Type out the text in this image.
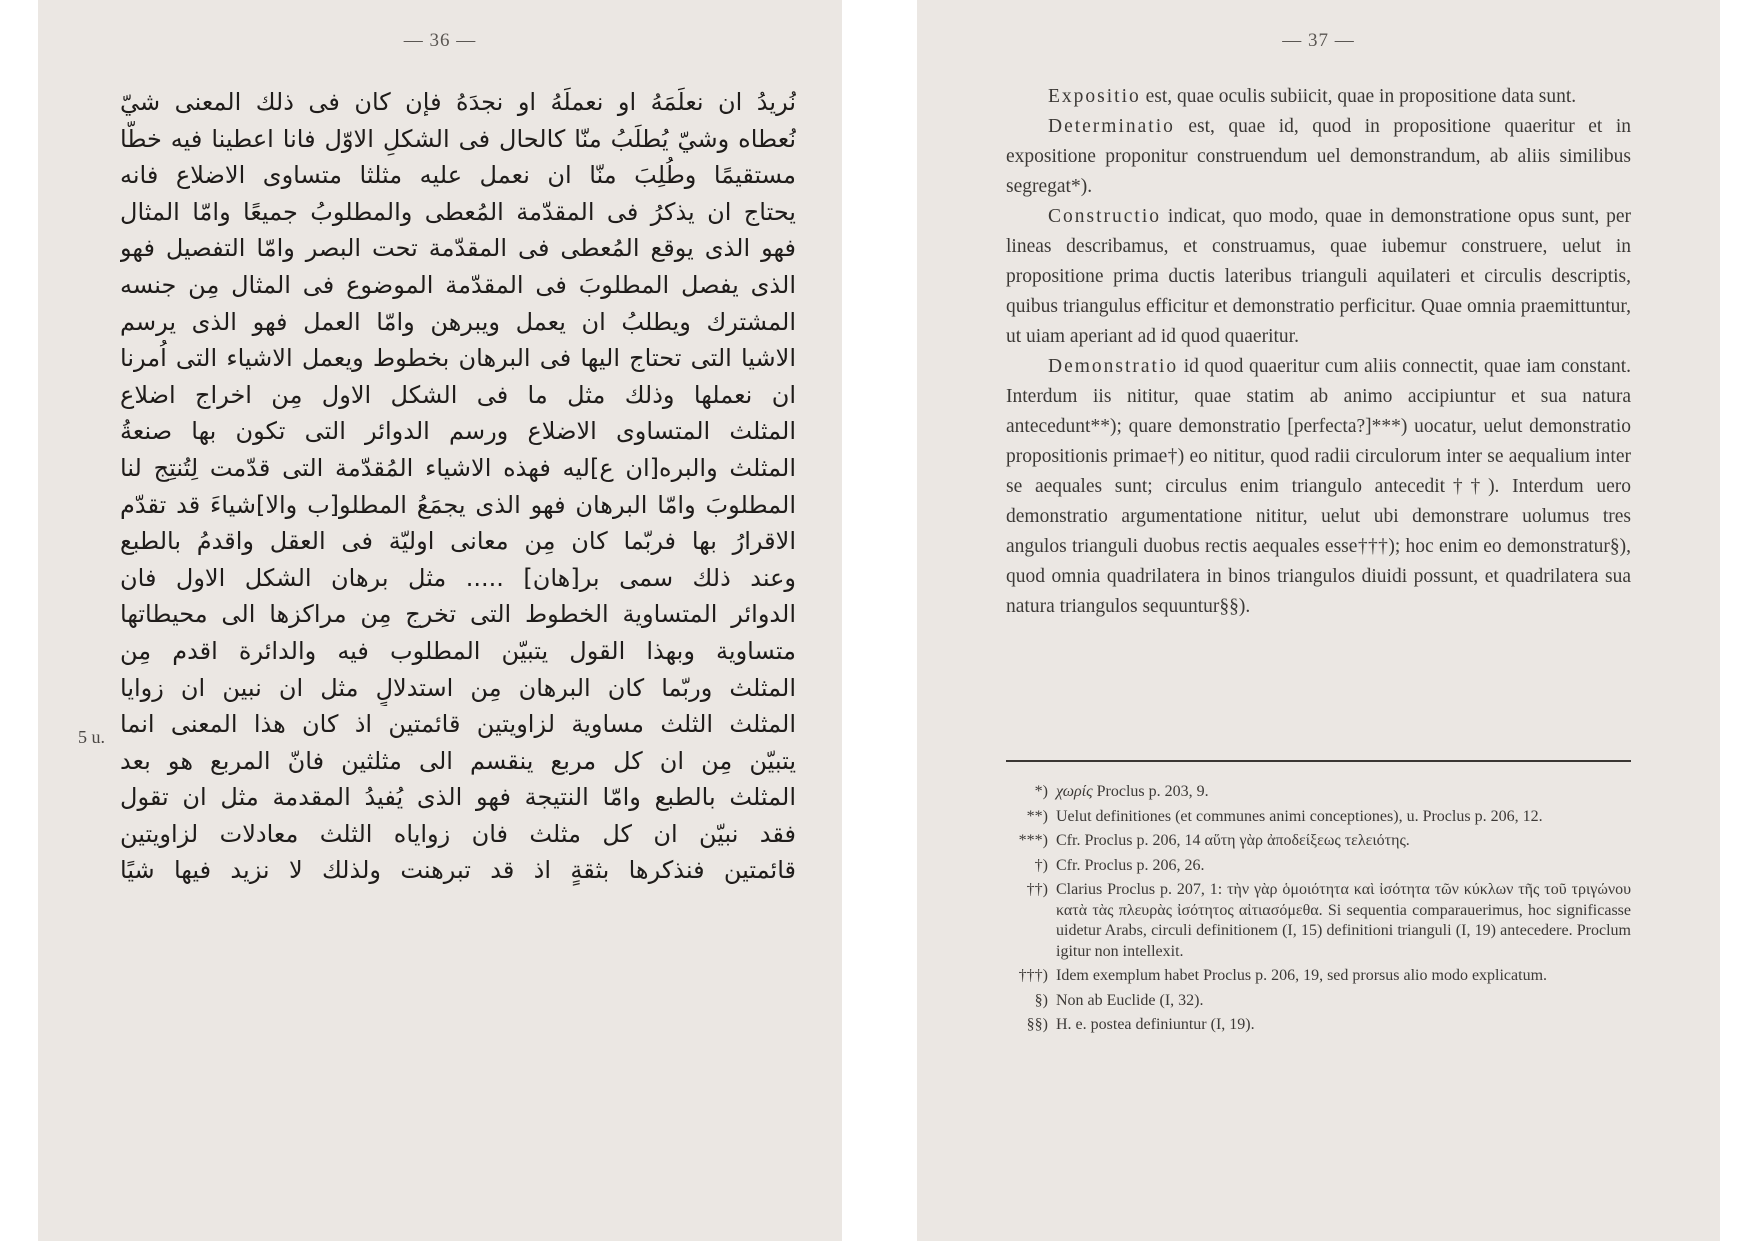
— 36 —
5 u.
نُريدُ ان نعلَمَهُ او نعملَهُ او نجدَهُ فإن كان فى ذلك المعنى شيّ
نُعطاه وشيّ يُطلَبُ منّا كالحال فى الشكلِ الاوّل فانا اعطينا فيه خطًّا
مستقيمًا وطُلِبَ منّا ان نعمل عليه مثلثا متساوى الاضلاع فانه
يحتاج ان يذكرُ فى المقدّمة المُعطى والمطلوبُ جميعًا وامّا المثال
فهو الذى يوقع المُعطى فى المقدّمة تحت البصر وامّا التفصيل فهو
الذى يفصل المطلوبَ فى المقدّمة الموضوع فى المثال مِن جنسه
المشترك ويطلبُ ان يعمل ويبرهن وامّا العمل فهو الذى يرسم
الاشيا التى تحتاج اليها فى البرهان بخطوط ويعمل الاشياء التى اُمرنا
ان نعملها وذلك مثل ما فى الشكل الاول مِن اخراج اضلاع
المثلث المتساوى الاضلاع ورسم الدوائر التى تكون بها صنعةُ
المثلث والبره[ان ع]ليه فهذه الاشياء المُقدّمة التى قدّمت لِتُنتِج لنا
المطلوبَ وامّا البرهان فهو الذى يجمَعُ المطلو[ب والا]شياءَ قد تقدّم
الاقرارُ بها فربّما كان مِن معانى اوليّة فى العقل واقدمُ بالطبع
وعند ذلك سمى بر[هان] ..... مثل برهان الشكل الاول فان
الدوائر المتساوية الخطوط التى تخرج مِن مراكزها الى محيطاتها
متساوية وبهذا القول يتبيّن المطلوب فيه والدائرة اقدم مِن
المثلث وربّما كان البرهان مِن استدلالٍ مثل ان نبين ان زوايا
المثلث الثلث مساوية لزاويتين قائمتين اذ كان هذا المعنى انما
يتبيّن مِن ان كل مربع ينقسم الى مثلثين فانّ المربع هو بعد
المثلث بالطبع وامّا النتيجة فهو الذى يُفيدُ المقدمة مثل ان تقول
فقد نبيّن ان كل مثلث فان زواياه الثلث معادلات لزاويتين
قائمتين فنذكرها بثقةٍ اذ قد تبرهنت ولذلك لا نزيد فيها شيًا
— 37 —

Expositio est, quae oculis subiicit, quae in propositione data sunt.

Determinatio est, quae id, quod in propositione quaeritur et in expositione proponitur construendum uel demonstrandum, ab aliis similibus segregat*).

Constructio indicat, quo modo, quae in demonstratione opus sunt, per lineas describamus, et construamus, quae iubemur construere, uelut in propositione prima ductis lateribus trianguli aquilateri et circulis descriptis, quibus triangulus efficitur et demonstratio perficitur. Quae omnia praemittuntur, ut uiam aperiant ad id quod quaeritur.

Demonstratio id quod quaeritur cum aliis connectit, quae iam constant. Interdum iis nititur, quae statim ab animo accipiuntur et sua natura antecedunt**); quare demonstratio [perfecta?]***) uocatur, uelut demonstratio propositionis primae†) eo nititur, quod radii circulorum inter se aequalium inter se aequales sunt; circulus enim triangulo antecedit††). Interdum uero demonstratio argumentatione nititur, uelut ubi demonstrare uolumus tres angulos trianguli duobus rectis aequales esse†††); hoc enim eo demonstratur§), quod omnia quadrilatera in binos triangulos diuidi possunt, et quadrilatera sua natura triangulos sequuntur§§).

*) χωρίς Proclus p. 203, 9.
**) Uelut definitiones (et communes animi conceptiones), u. Proclus p. 206, 12.
***) Cfr. Proclus p. 206, 14 αὕτη γὰρ ἀποδείξεως τελειότης.
†) Cfr. Proclus p. 206, 26.
††) Clarius Proclus p. 207, 1: τὴν γὰρ ὁμοιότητα καὶ ἰσότητα τῶν κύκλων τῆς τοῦ τριγώνου κατὰ τὰς πλευρὰς ἰσότητος αἰτιασόμεθα. Si sequentia comparauerimus, hoc significasse uidetur Arabs, circuli definitionem (I, 15) definitioni trianguli (I, 19) antecedere. Proclum igitur non intellexit.
†††) Idem exemplum habet Proclus p. 206, 19, sed prorsus alio modo explicatum.
§) Non ab Euclide (I, 32).
§§) H. e. postea definiuntur (I, 19).
